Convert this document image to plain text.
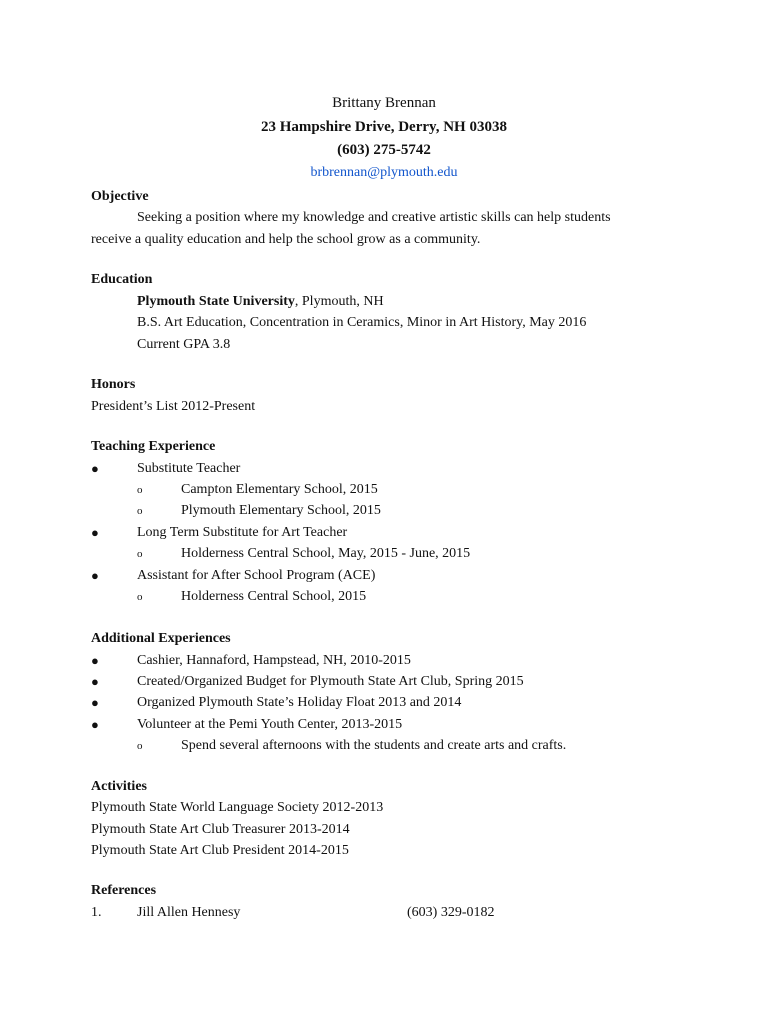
Brittany Brennan
23 Hampshire Drive, Derry, NH 03038
(603) 275-5742
brbrennan@plymouth.edu
Objective
Seeking a position where my knowledge and creative artistic skills can help students
receive a quality education and help the school grow as a community.
Education
Plymouth State University, Plymouth, NH
B.S. Art Education, Concentration in Ceramics, Minor in Art History, May 2016
Current GPA 3.8
Honors
President’s List 2012-Present
Teaching Experience
●	Substitute Teacher
o	Campton Elementary School, 2015
o	Plymouth Elementary School, 2015
●	Long Term Substitute for Art Teacher
o	Holderness Central School, May, 2015 - June, 2015
●	Assistant for After School Program (ACE)
o	Holderness Central School, 2015
Additional Experiences
●	Cashier, Hannaford, Hampstead, NH, 2010-2015
●	Created/Organized Budget for Plymouth State Art Club, Spring 2015
●	Organized Plymouth State’s Holiday Float 2013 and 2014
●	Volunteer at the Pemi Youth Center, 2013-2015
o	Spend several afternoons with the students and create arts and crafts.
Activities
Plymouth State World Language Society 2012-2013
Plymouth State Art Club Treasurer 2013-2014
Plymouth State Art Club President 2014-2015
References
1.	Jill Allen Hennesy	(603) 329-0182
